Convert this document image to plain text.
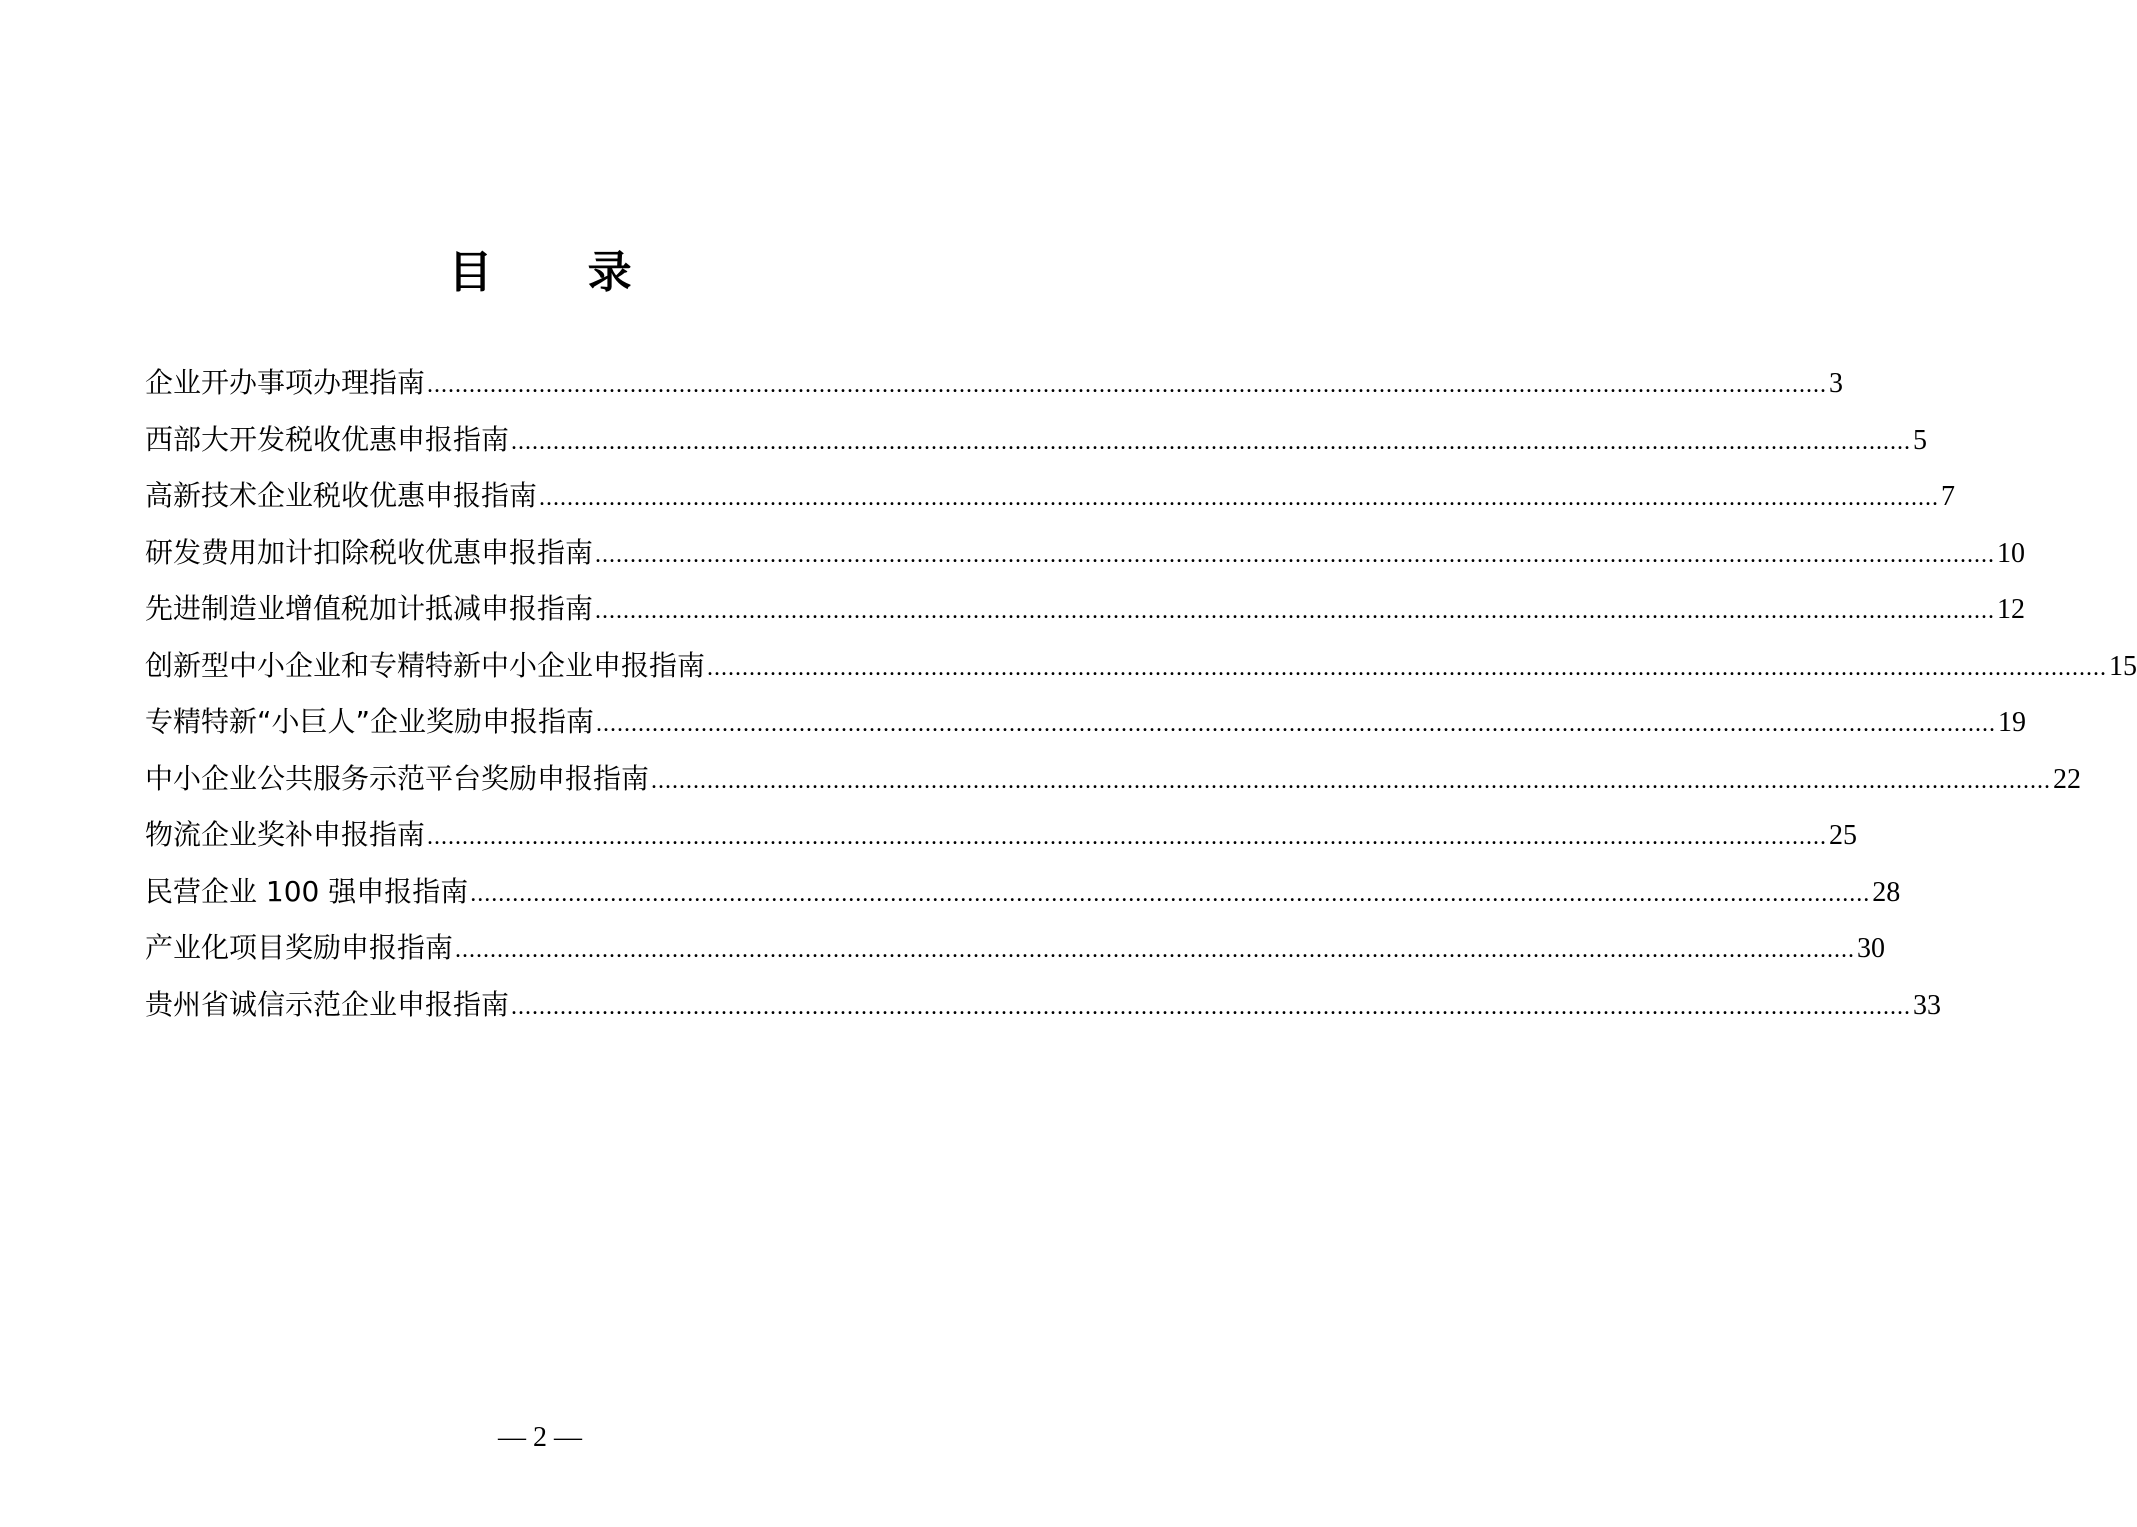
目 录
企业开办事项办理指南 ........................................................................................................................................................................................................ 3
西部大开发税收优惠申报指南 ........................................................................................................................................................................................................ 5
高新技术企业税收优惠申报指南 ........................................................................................................................................................................................................ 7
研发费用加计扣除税收优惠申报指南 ........................................................................................................................................................................................................ 10
先进制造业增值税加计抵减申报指南 ........................................................................................................................................................................................................ 12
创新型中小企业和专精特新中小企业申报指南 ........................................................................................................................................................................................................ 15
专精特新“小巨人”企业奖励申报指南 ........................................................................................................................................................................................................ 19
中小企业公共服务示范平台奖励申报指南 ........................................................................................................................................................................................................ 22
物流企业奖补申报指南 ........................................................................................................................................................................................................ 25
民营企业 100 强申报指南 ........................................................................................................................................................................................................ 28
产业化项目奖励申报指南 ........................................................................................................................................................................................................ 30
贵州省诚信示范企业申报指南 ........................................................................................................................................................................................................ 33
— 2 —
